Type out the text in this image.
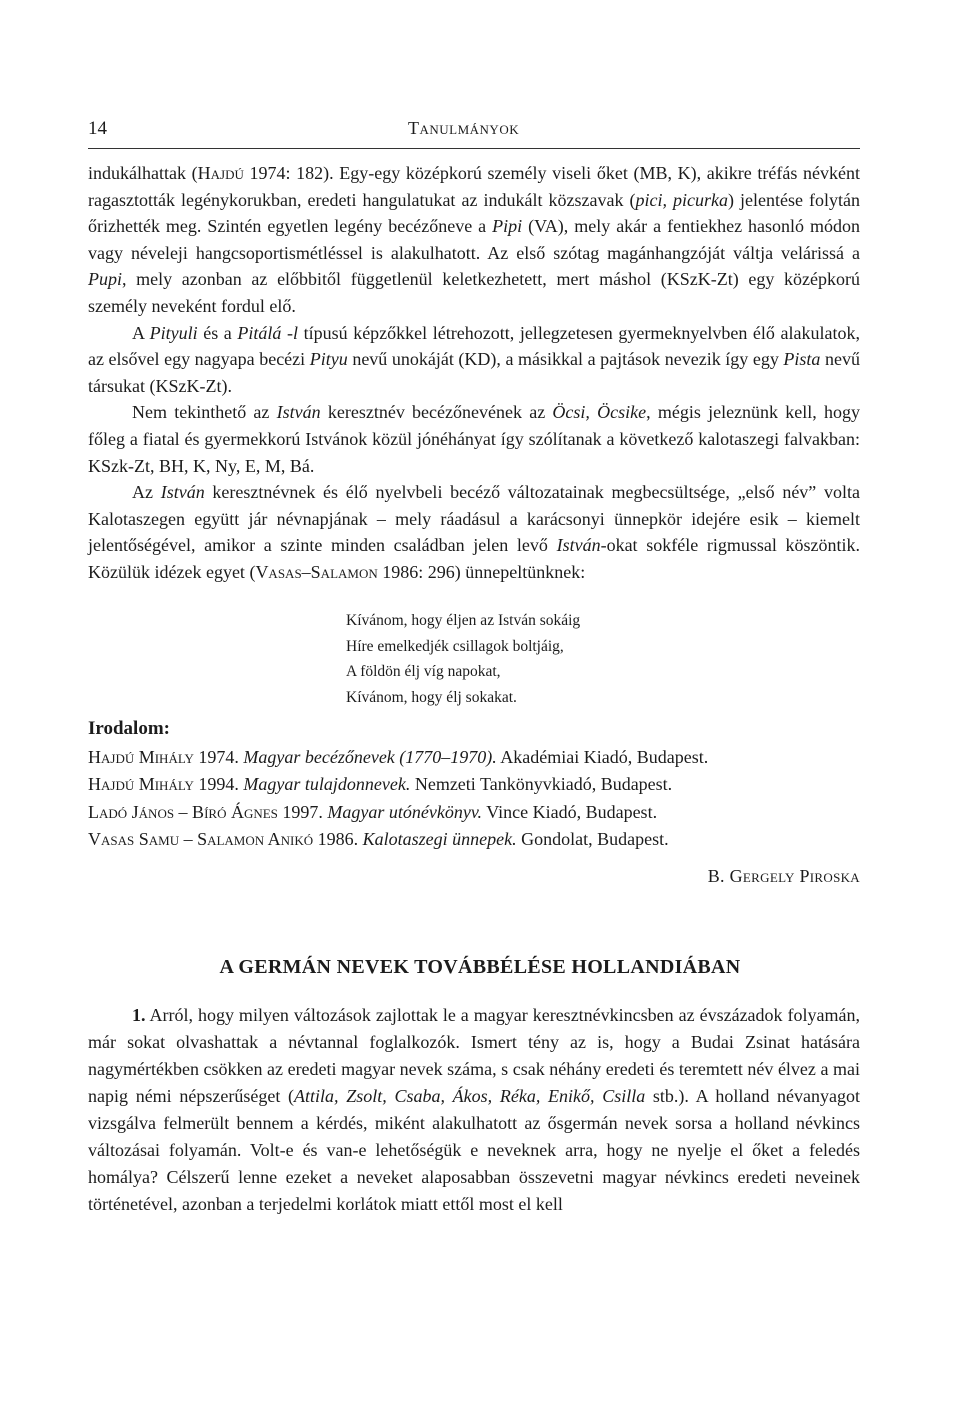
14	Tanulmányok

indukálhattak (Hajdú 1974: 182). Egy-egy középkorú személy viseli őket (MB, K), akikre tréfás névként ragasztották legénykorukban, eredeti hangulatukat az indukált közszavak (pici, picurka) jelentése folytán őrizhették meg. Szintén egyetlen legény becézőneve a Pipi (VA), mely akár a fentiekhez hasonló módon vagy néveleji hangcsoportismétléssel is alakulhatott. Az első szótag magánhangzóját váltja velárissá a Pupi, mely azonban az előbbitől függetlenül keletkezhetett, mert máshol (KSzK-Zt) egy középkorú személy neveként fordul elő.

A Pityuli és a Pitálá -l típusú képzőkkel létrehozott, jellegzetesen gyermeknyelvben élő alakulatok, az elsővel egy nagyapa becézi Pityu nevű unokáját (KD), a másikkal a pajtások nevezik így egy Pista nevű társukat (KSzK-Zt).

Nem tekinthető az István keresztnév becézőnevének az Öcsi, Öcsike, mégis jeleznünk kell, hogy főleg a fiatal és gyermekkorú Istvánok közül jónéhányat így szólítanak a következő kalotaszegi falvakban: KSzk-Zt, BH, K, Ny, E, M, Bá.

Az István keresztnévnek és élő nyelvbeli becéző változatainak megbecsültsége, „első név” volta Kalotaszegen együtt jár névnapjának – mely ráadásul a karácsonyi ünnepkör idejére esik – kiemelt jelentőségével, amikor a szinte minden családban jelen levő István-okat sokféle rigmussal köszöntik. Közülük idézek egyet (Vasas–Salamon 1986: 296) ünnepeltünknek:

Kívánom, hogy éljen az István sokáig
Híre emelkedjék csillagok boltjáig,
A földön élj víg napokat,
Kívánom, hogy élj sokakat.
Irodalom:
Hajdú Mihály 1974. Magyar becézőnevek (1770–1970). Akadémiai Kiadó, Budapest.
Hajdú Mihály 1994. Magyar tulajdonnevek. Nemzeti Tankönyvkiadó, Budapest.
Ladó János – Bíró Ágnes 1997. Magyar utónévkönyv. Vince Kiadó, Budapest.
Vasas Samu – Salamon Anikó 1986. Kalotaszegi ünnepek. Gondolat, Budapest.
B. Gergely Piroska
A GERMÁN NEVEK TOVÁBBÉLÉSE HOLLANDIÁBAN

1. Arról, hogy milyen változások zajlottak le a magyar keresztnévkincsben az évszázadok folyamán, már sokat olvashattak a névtannal foglalkozók. Ismert tény az is, hogy a Budai Zsinat hatására nagymértékben csökken az eredeti magyar nevek száma, s csak néhány eredeti és teremtett név élvez a mai napig némi népszerűséget (Attila, Zsolt, Csaba, Ákos, Réka, Enikő, Csilla stb.). A holland névanyagot vizsgálva felmerült bennem a kérdés, miként alakulhatott az ősgermán nevek sorsa a holland névkincs változásai folyamán. Volt-e és van-e lehetőségük e neveknek arra, hogy ne nyelje el őket a feledés homálya? Célszerű lenne ezeket a neveket alaposabban összevetni magyar névkincs eredeti neveinek történetével, azonban a terjedelmi korlátok miatt ettől most el kell
